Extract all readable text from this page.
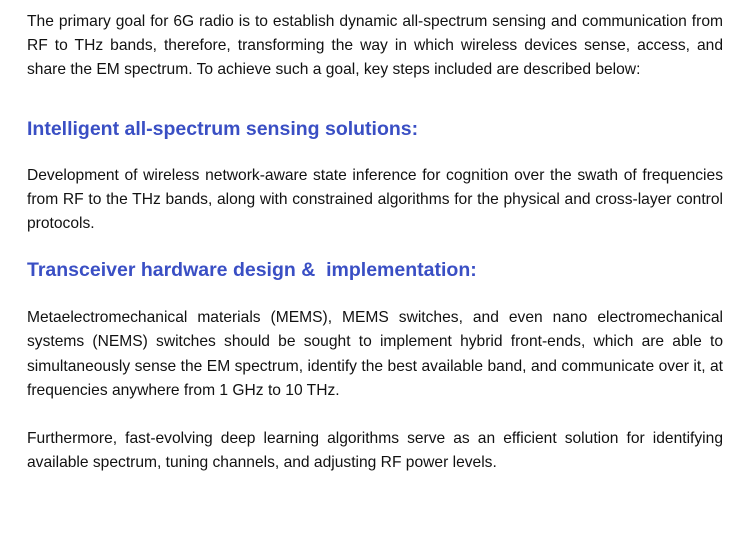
The primary goal for 6G radio is to establish dynamic all-spectrum sensing and communication from RF to THz bands, therefore, transforming the way in which wireless devices sense, access, and share the EM spectrum. To achieve such a goal, key steps included are described below:

Intelligent all-spectrum sensing solutions:

Development of wireless network-aware state inference for cognition over the swath of frequencies from RF to the THz bands, along with constrained algorithms for the physical and cross-layer control protocols.

Transceiver hardware design &  implementation:

Metaelectromechanical materials (MEMS), MEMS switches, and even nano electromechanical systems (NEMS) switches should be sought to implement hybrid front-ends, which are able to simultaneously sense the EM spectrum, identify the best available band, and communicate over it, at frequencies anywhere from 1 GHz to 10 THz.

Furthermore, fast-evolving deep learning algorithms serve as an efficient solution for identifying available spectrum, tuning channels, and adjusting RF power levels.
